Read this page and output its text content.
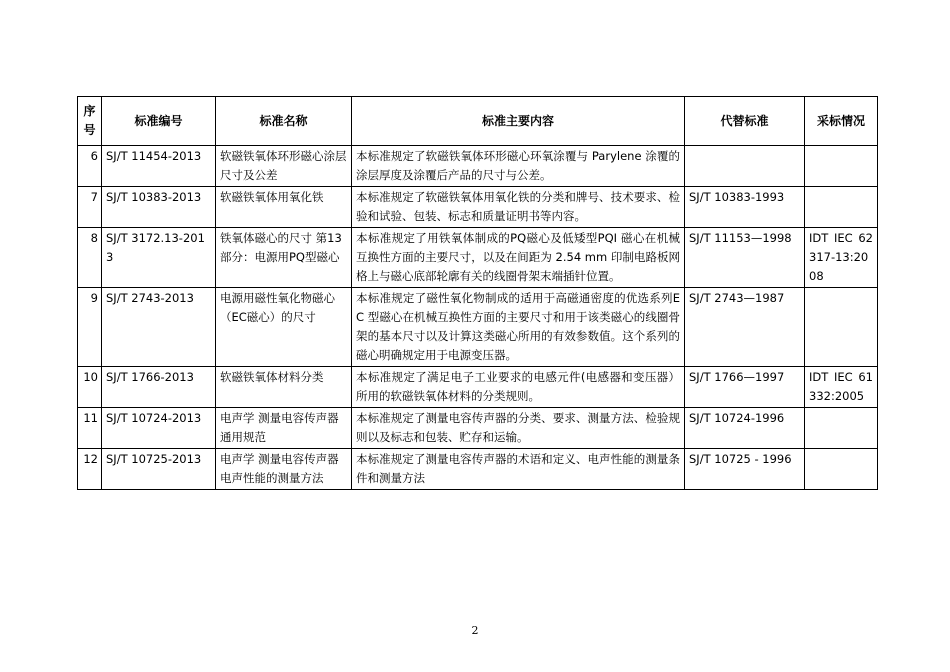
序号	标准编号	标准名称	标准主要内容	代替标准	采标情况
6	SJ/T 11454-2013	软磁铁氧体环形磁心涂层尺寸及公差	本标准规定了软磁铁氧体环形磁心环氧涂覆与 Parylene 涂覆的涂层厚度及涂覆后产品的尺寸与公差。		
7	SJ/T 10383-2013	软磁铁氧体用氧化铁	本标准规定了软磁铁氧体用氧化铁的分类和牌号、技术要求、检验和试验、包装、标志和质量证明书等内容。	SJ/T 10383-1993	
8	SJ/T 3172.13-2013	铁氧体磁心的尺寸 第13部分：电源用PQ型磁心	本标准规定了用铁氧体制成的PQ磁心及低矮型PQI 磁心在机械互换性方面的主要尺寸，以及在间距为 2.54 mm 印制电路板网格上与磁心底部轮廓有关的线圈骨架末端插针位置。	SJ/T 11153—1998	IDT IEC 62317-13:2008
9	SJ/T 2743-2013	电源用磁性氧化物磁心（EC磁心）的尺寸	本标准规定了磁性氧化物制成的适用于高磁通密度的优选系列EC 型磁心在机械互换性方面的主要尺寸和用于该类磁心的线圈骨架的基本尺寸以及计算这类磁心所用的有效参数值。这个系列的磁心明确规定用于电源变压器。	SJ/T 2743—1987	
10	SJ/T 1766-2013	软磁铁氧体材料分类	本标准规定了满足电子工业要求的电感元件(电感器和变压器）所用的软磁铁氧体材料的分类规则。	SJ/T 1766—1997	IDT IEC 61332:2005
11	SJ/T 10724-2013	电声学 测量电容传声器通用规范	本标准规定了测量电容传声器的分类、要求、测量方法、检验规则以及标志和包装、贮存和运输。	SJ/T 10724-1996	
12	SJ/T 10725-2013	电声学 测量电容传声器电声性能的测量方法	本标准规定了测量电容传声器的术语和定义、电声性能的测量条件和测量方法	SJ/T 10725 - 1996	
2
